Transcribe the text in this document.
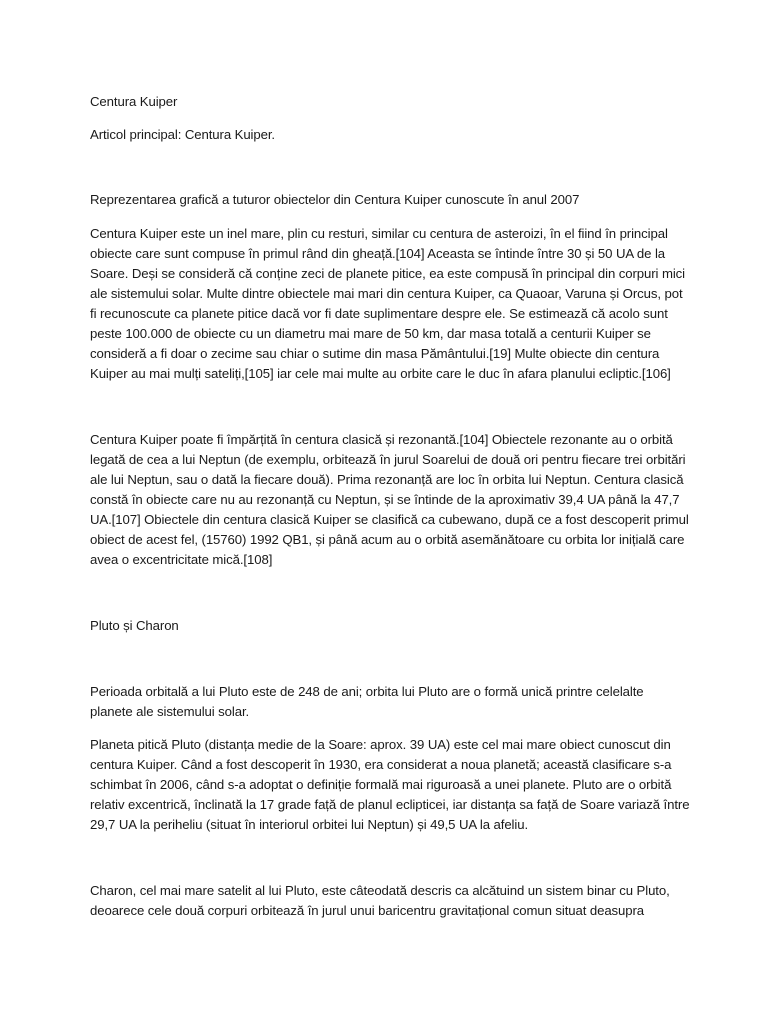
Centura Kuiper

Articol principal: Centura Kuiper.

Reprezentarea grafică a tuturor obiectelor din Centura Kuiper cunoscute în anul 2007

Centura Kuiper este un inel mare, plin cu resturi, similar cu centura de asteroizi, în el fiind în principal
obiecte care sunt compuse în primul rând din gheață.[104] Aceasta se întinde între 30 și 50 UA de la
Soare. Deși se consideră că conține zeci de planete pitice, ea este compusă în principal din corpuri mici
ale sistemului solar. Multe dintre obiectele mai mari din centura Kuiper, ca Quaoar, Varuna și Orcus, pot
fi recunoscute ca planete pitice dacă vor fi date suplimentare despre ele. Se estimează că acolo sunt
peste 100.000 de obiecte cu un diametru mai mare de 50 km, dar masa totală a centurii Kuiper se
consideră a fi doar o zecime sau chiar o sutime din masa Pământului.[19] Multe obiecte din centura
Kuiper au mai mulți sateliți,[105] iar cele mai multe au orbite care le duc în afara planului ecliptic.[106]
Centura Kuiper poate fi împărțită în centura clasică și rezonantă.[104] Obiectele rezonante au o orbită
legată de cea a lui Neptun (de exemplu, orbitează în jurul Soarelui de două ori pentru fiecare trei orbitări
ale lui Neptun, sau o dată la fiecare două). Prima rezonanță are loc în orbita lui Neptun. Centura clasică
constă în obiecte care nu au rezonanță cu Neptun, și se întinde de la aproximativ 39,4 UA până la 47,7
UA.[107] Obiectele din centura clasică Kuiper se clasifică ca cubewano, după ce a fost descoperit primul
obiect de acest fel, (15760) 1992 QB1, și până acum au o orbită asemănătoare cu orbita lor inițială care
avea o excentricitate mică.[108]

Pluto și Charon

Perioada orbitală a lui Pluto este de 248 de ani; orbita lui Pluto are o formă unică printre celelalte
planete ale sistemului solar.
Planeta pitică Pluto (distanța medie de la Soare: aprox. 39 UA) este cel mai mare obiect cunoscut din
centura Kuiper. Când a fost descoperit în 1930, era considerat a noua planetă; această clasificare s-a
schimbat în 2006, când s-a adoptat o definiție formală mai riguroasă a unei planete. Pluto are o orbită
relativ excentrică, înclinată la 17 grade față de planul eclipticei, iar distanța sa față de Soare variază între
29,7 UA la periheliu (situat în interiorul orbitei lui Neptun) și 49,5 UA la afeliu.
Charon, cel mai mare satelit al lui Pluto, este câteodată descris ca alcătuind un sistem binar cu Pluto,
deoarece cele două corpuri orbitează în jurul unui baricentru gravitațional comun situat deasupra
